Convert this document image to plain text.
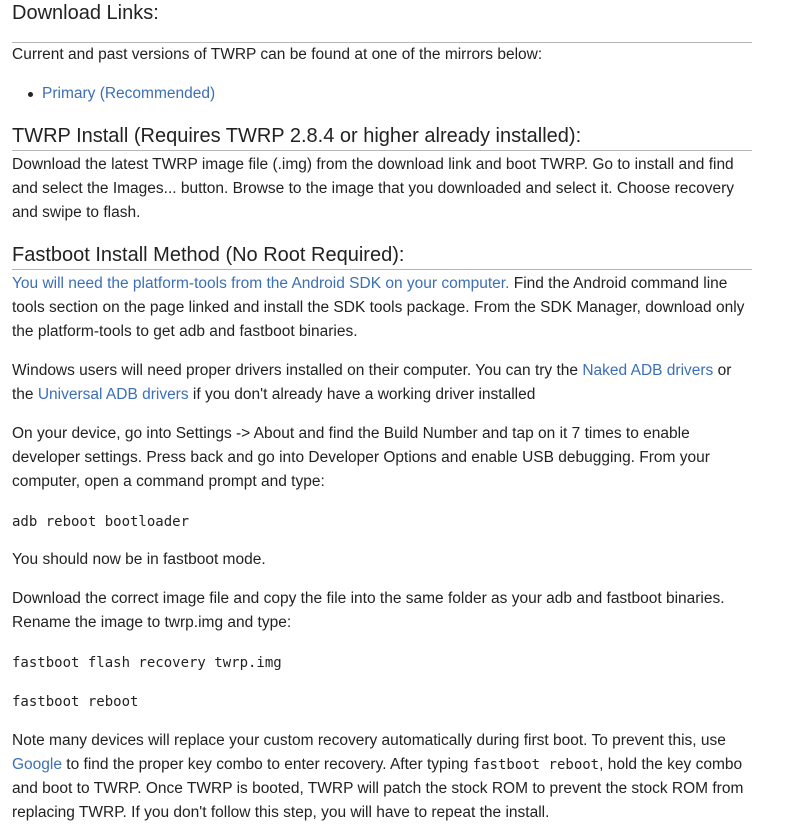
Download Links:

Current and past versions of TWRP can be found at one of the mirrors below:

Primary (Recommended)
TWRP Install (Requires TWRP 2.8.4 or higher already installed):

Download the latest TWRP image file (.img) from the download link and boot TWRP. Go to install and find and select the Images... button. Browse to the image that you downloaded and select it. Choose recovery and swipe to flash.

Fastboot Install Method (No Root Required):

You will need the platform-tools from the Android SDK on your computer. Find the Android command line tools section on the page linked and install the SDK tools package. From the SDK Manager, download only the platform-tools to get adb and fastboot binaries.

Windows users will need proper drivers installed on their computer. You can try the Naked ADB drivers or the Universal ADB drivers if you don't already have a working driver installed

On your device, go into Settings -> About and find the Build Number and tap on it 7 times to enable developer settings. Press back and go into Developer Options and enable USB debugging. From your computer, open a command prompt and type:

adb reboot bootloader

You should now be in fastboot mode.

Download the correct image file and copy the file into the same folder as your adb and fastboot binaries. Rename the image to twrp.img and type:

fastboot flash recovery twrp.img
fastboot reboot

Note many devices will replace your custom recovery automatically during first boot. To prevent this, use Google to find the proper key combo to enter recovery. After typing fastboot reboot, hold the key combo and boot to TWRP. Once TWRP is booted, TWRP will patch the stock ROM to prevent the stock ROM from replacing TWRP. If you don't follow this step, you will have to repeat the install.
